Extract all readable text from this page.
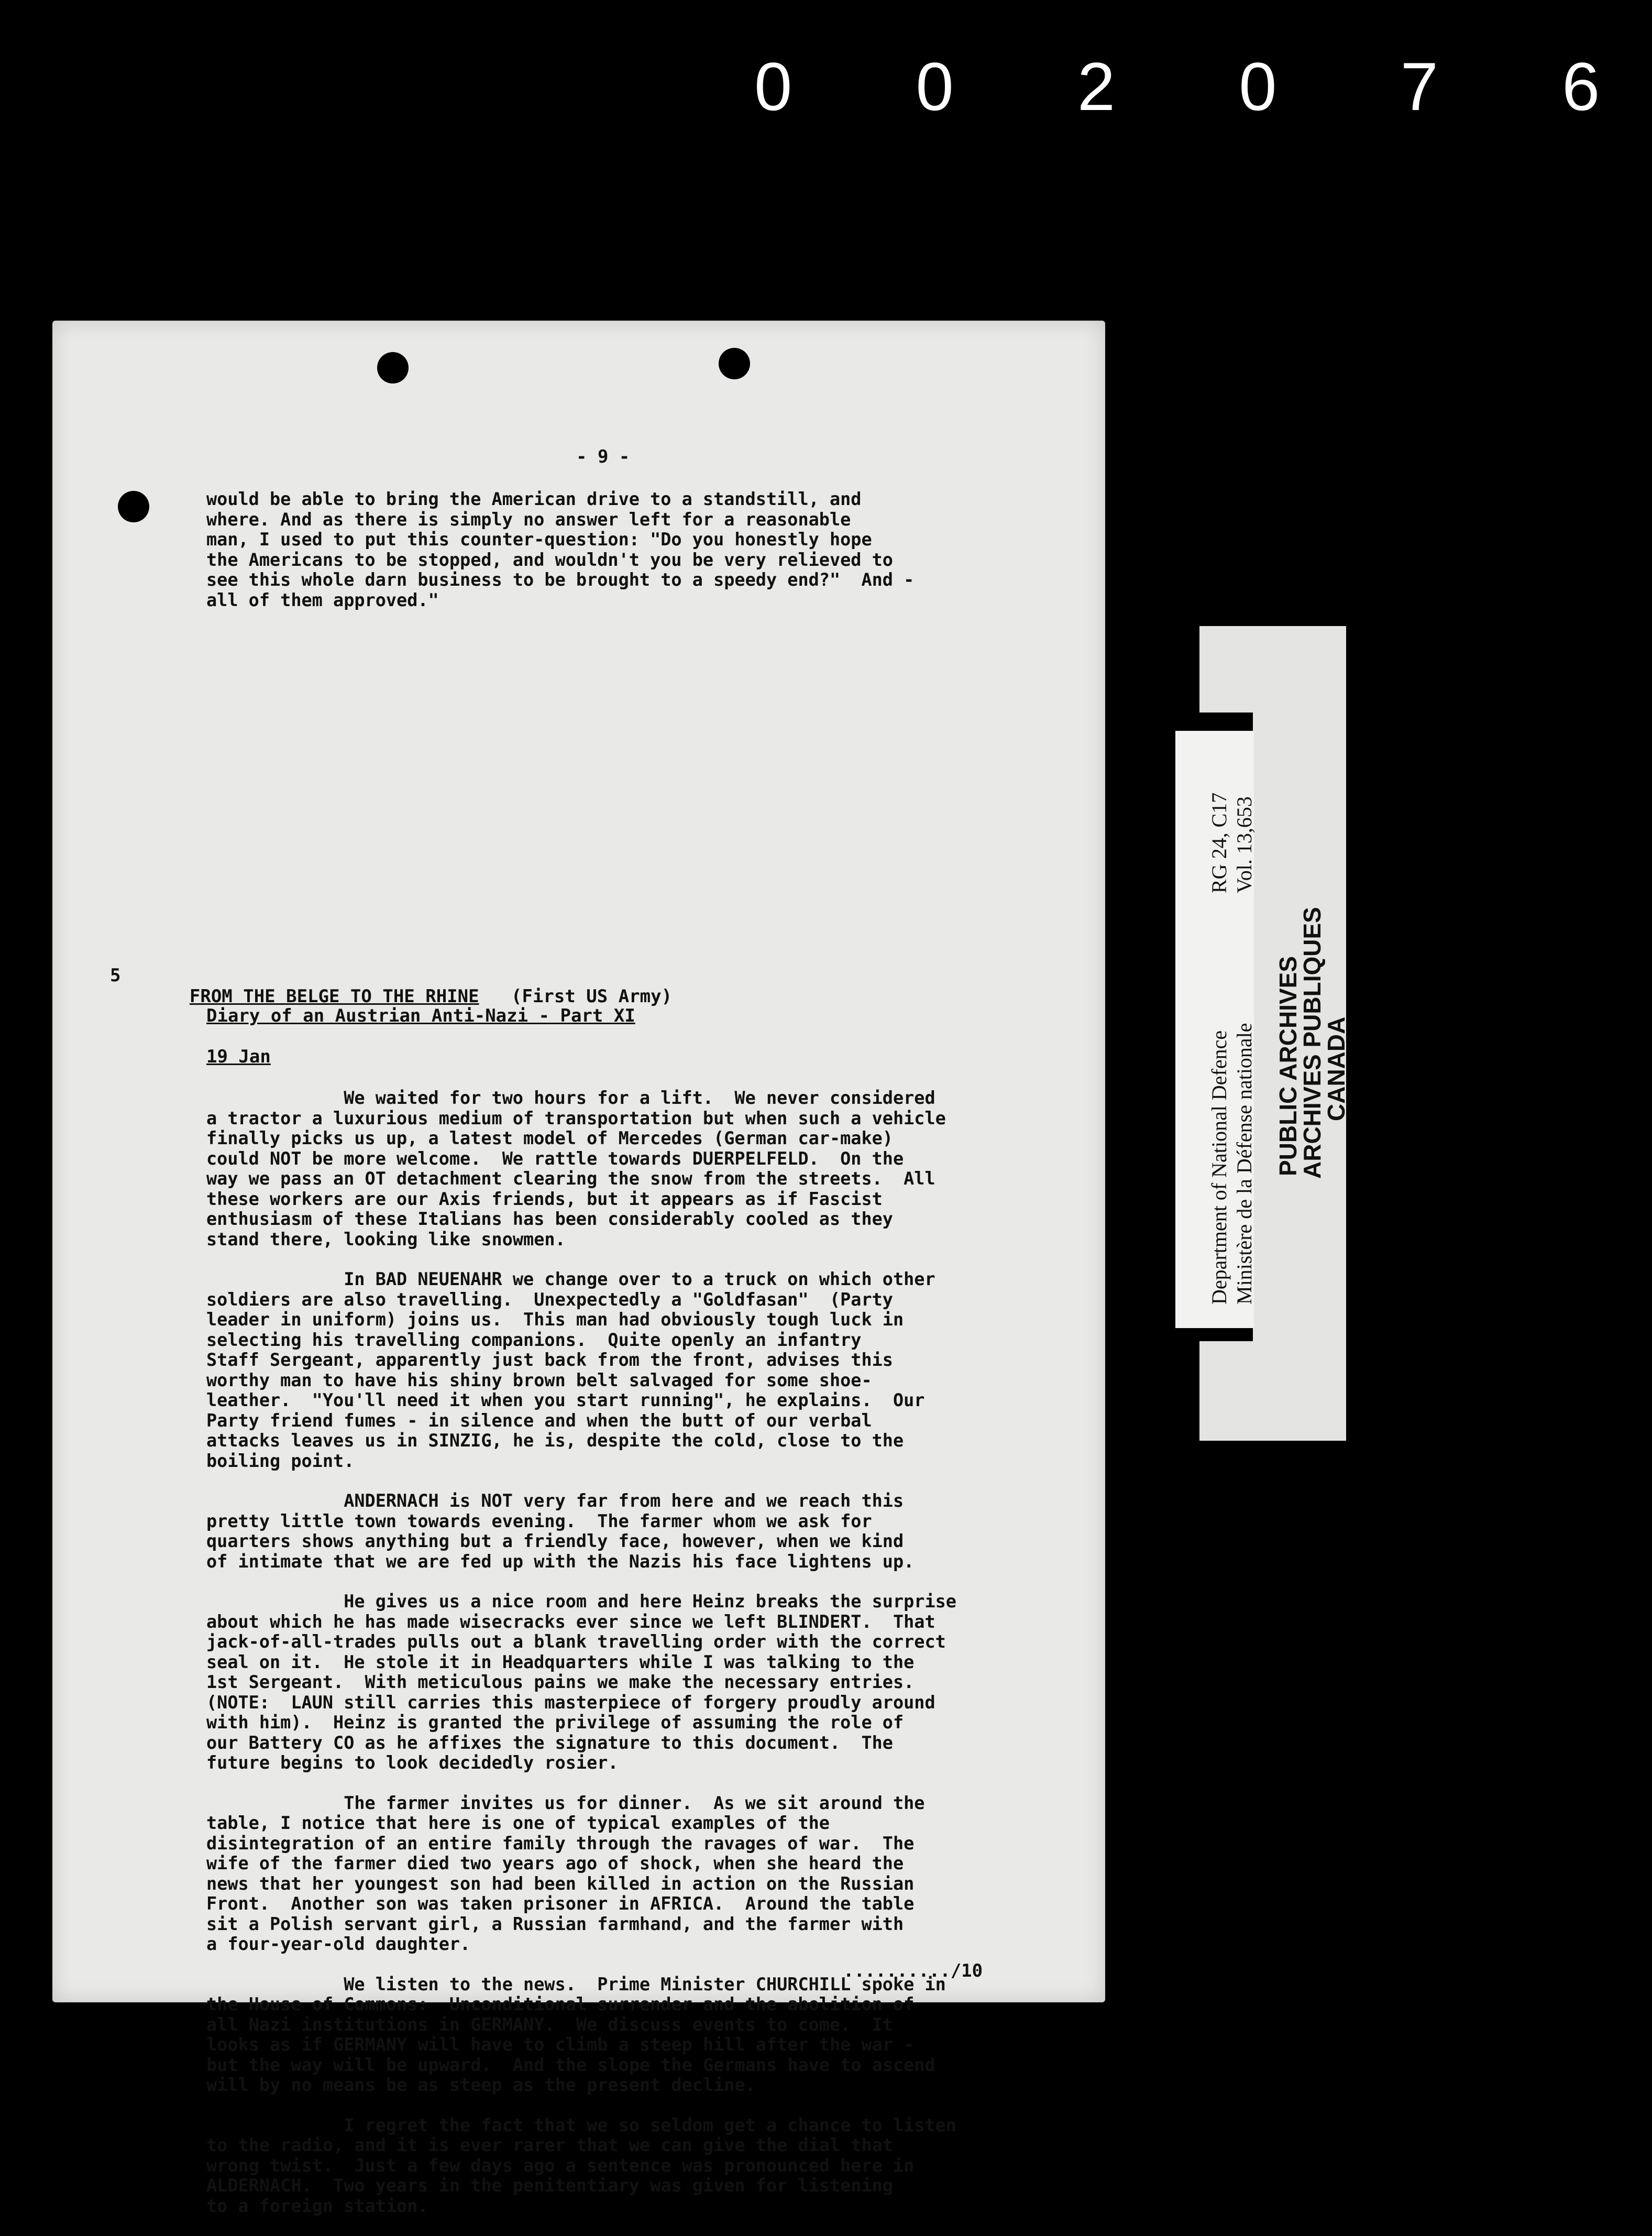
0 0 2 0 7 6
- 9 -

would be able to bring the American drive to a standstill, and

where. And as there is simply no answer left for a reasonable

man, I used to put this counter-question: "Do you honestly hope

the Americans to be stopped, and wouldn't you be very relieved to

see this whole darn business to be brought to a speedy end?"  And -

all of them approved."

5

FROM THE BELGE TO THE RHINE (First US Army)

Diary of an Austrian Anti-Nazi - Part XI
19 Jan

We waited for two hours for a lift.  We never considered

a tractor a luxurious medium of transportation but when such a vehicle

finally picks us up, a latest model of Mercedes (German car-make)

could NOT be more welcome.  We rattle towards DUERPELFELD.  On the

way we pass an OT detachment clearing the snow from the streets.  All

these workers are our Axis friends, but it appears as if Fascist

enthusiasm of these Italians has been considerably cooled as they

stand there, looking like snowmen.

In BAD NEUENAHR we change over to a truck on which other

soldiers are also travelling.  Unexpectedly a "Goldfasan"  (Party

leader in uniform) joins us.  This man had obviously tough luck in

selecting his travelling companions.  Quite openly an infantry

Staff Sergeant, apparently just back from the front, advises this

worthy man to have his shiny brown belt salvaged for some shoe-

leather.  "You'll need it when you start running", he explains.  Our

Party friend fumes - in silence and when the butt of our verbal

attacks leaves us in SINZIG, he is, despite the cold, close to the

boiling point.

ANDERNACH is NOT very far from here and we reach this

pretty little town towards evening.  The farmer whom we ask for

quarters shows anything but a friendly face, however, when we kind

of intimate that we are fed up with the Nazis his face lightens up.

He gives us a nice room and here Heinz breaks the surprise

about which he has made wisecracks ever since we left BLINDERT.  That

jack-of-all-trades pulls out a blank travelling order with the correct

seal on it.  He stole it in Headquarters while I was talking to the

1st Sergeant.  With meticulous pains we make the necessary entries.

(NOTE:  LAUN still carries this masterpiece of forgery proudly around

with him).  Heinz is granted the privilege of assuming the role of

our Battery CO as he affixes the signature to this document.  The

future begins to look decidedly rosier.

The farmer invites us for dinner.  As we sit around the

table, I notice that here is one of typical examples of the

disintegration of an entire family through the ravages of war.  The

wife of the farmer died two years ago of shock, when she heard the

news that her youngest son had been killed in action on the Russian

Front.  Another son was taken prisoner in AFRICA.  Around the table

sit a Polish servant girl, a Russian farmhand, and the farmer with

a four-year-old daughter.

We listen to the news.  Prime Minister CHURCHILL spoke in

the House of Commons:  Unconditional surrender and the abolition of

all Nazi institutions in GERMANY.  We discuss events to come.  It

looks as if GERMANY will have to climb a steep hill after the war -

but the way will be upward.  And the slope the Germans have to ascend

will by no means be as steep as the present decline.

I regret the fact that we so seldom get a chance to listen

to the radio, and it is ever rarer that we can give the dial that

wrong twist.  Just a few days ago a sentence was pronounced here in

ALDERNACH.  Two years in the penitentiary was given for listening

to a foreign station.

........../10
Department of National Defence Ministère de la Défense nationale
RG 24, C17 Vol. 13,653
PUBLIC ARCHIVES
ARCHIVES PUBLIQUES
CANADA
